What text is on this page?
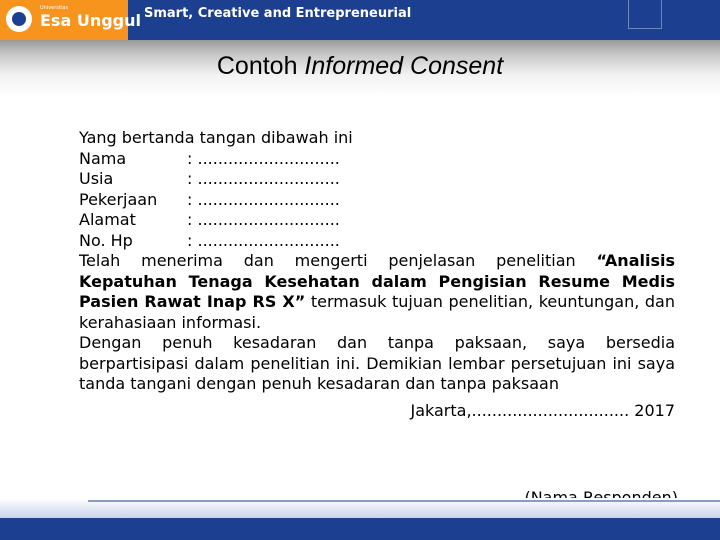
Universitas
Esa Unggul Smart, Creative and Entrepreneurial
Contoh Informed Consent
Yang bertanda tangan dibawah ini
Nama	: ............................
Usia	: ............................
Pekerjaan	: ............................
Alamat	: ............................
No. Hp	: ............................

Telah menerima dan mengerti penjelasan penelitian “Analisis Kepatuhan Tenaga Kesehatan dalam Pengisian Resume Medis Pasien Rawat Inap RS X” termasuk tujuan penelitian, keuntungan, dan kerahasiaan informasi.

Dengan penuh kesadaran dan tanpa paksaan, saya bersedia berpartisipasi dalam penelitian ini. Demikian lembar persetujuan ini saya tanda tangani dengan penuh kesadaran dan tanpa paksaan

Jakarta,............................... 2017
